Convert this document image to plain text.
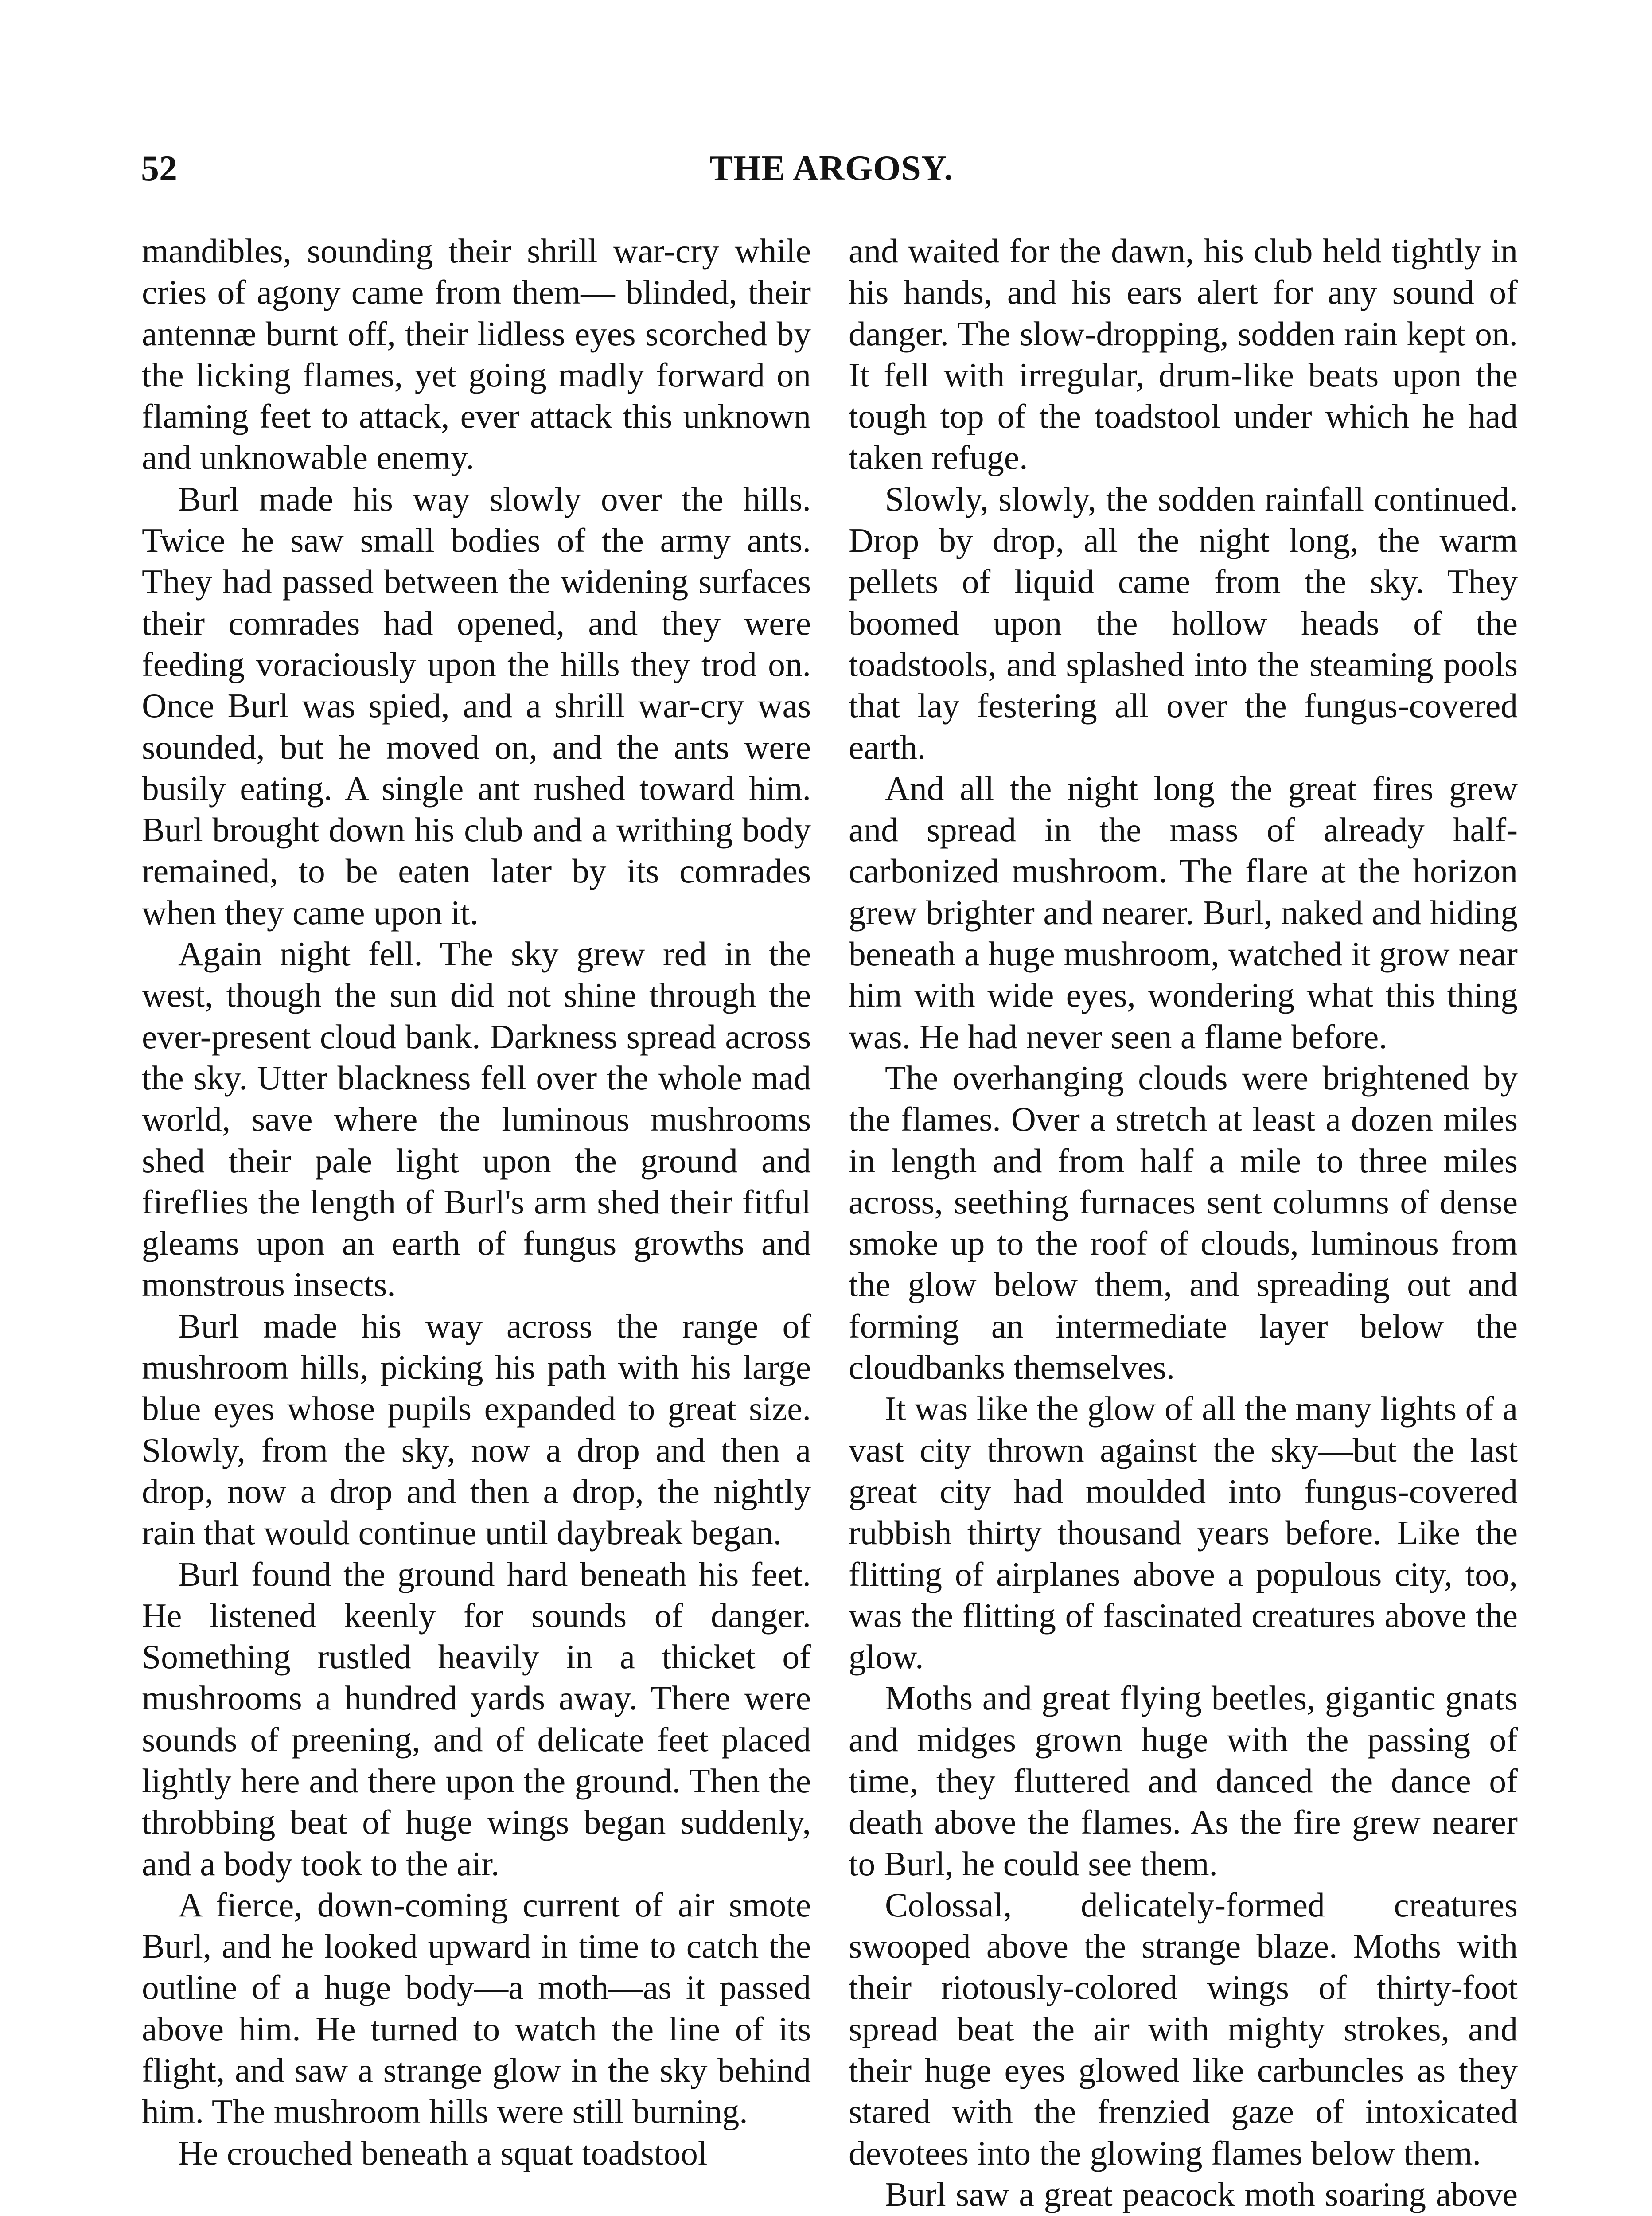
52	THE ARGOSY.

mandibles, sounding their shrill war-cry while cries of agony came from them— blinded, their antennæ burnt off, their lidless eyes scorched by the licking flames, yet going madly forward on flaming feet to attack, ever attack this unknown and unknowable enemy.

Burl made his way slowly over the hills. Twice he saw small bodies of the army ants. They had passed between the widening surfaces their comrades had opened, and they were feeding voraciously upon the hills they trod on. Once Burl was spied, and a shrill war-cry was sounded, but he moved on, and the ants were busily eating. A single ant rushed toward him. Burl brought down his club and a writhing body remained, to be eaten later by its comrades when they came upon it.

Again night fell. The sky grew red in the west, though the sun did not shine through the ever-present cloud bank. Darkness spread across the sky. Utter blackness fell over the whole mad world, save where the luminous mushrooms shed their pale light upon the ground and fireflies the length of Burl's arm shed their fitful gleams upon an earth of fungus growths and monstrous insects.

Burl made his way across the range of mushroom hills, picking his path with his large blue eyes whose pupils expanded to great size. Slowly, from the sky, now a drop and then a drop, now a drop and then a drop, the nightly rain that would continue until daybreak began.

Burl found the ground hard beneath his feet. He listened keenly for sounds of danger. Something rustled heavily in a thicket of mushrooms a hundred yards away. There were sounds of preening, and of delicate feet placed lightly here and there upon the ground. Then the throbbing beat of huge wings began suddenly, and a body took to the air.

A fierce, down-coming current of air smote Burl, and he looked upward in time to catch the outline of a huge body—a moth—as it passed above him. He turned to watch the line of its flight, and saw a strange glow in the sky behind him. The mushroom hills were still burning.

He crouched beneath a squat toadstool

and waited for the dawn, his club held tightly in his hands, and his ears alert for any sound of danger. The slow-dropping, sodden rain kept on. It fell with irregular, drum-like beats upon the tough top of the toadstool under which he had taken refuge.

Slowly, slowly, the sodden rainfall continued. Drop by drop, all the night long, the warm pellets of liquid came from the sky. They boomed upon the hollow heads of the toadstools, and splashed into the steaming pools that lay festering all over the fungus-covered earth.

And all the night long the great fires grew and spread in the mass of already half-carbonized mushroom. The flare at the horizon grew brighter and nearer. Burl, naked and hiding beneath a huge mushroom, watched it grow near him with wide eyes, wondering what this thing was. He had never seen a flame before.

The overhanging clouds were brightened by the flames. Over a stretch at least a dozen miles in length and from half a mile to three miles across, seething furnaces sent columns of dense smoke up to the roof of clouds, luminous from the glow below them, and spreading out and forming an intermediate layer below the cloudbanks themselves.

It was like the glow of all the many lights of a vast city thrown against the sky—but the last great city had moulded into fungus-covered rubbish thirty thousand years before. Like the flitting of airplanes above a populous city, too, was the flitting of fascinated creatures above the glow.

Moths and great flying beetles, gigantic gnats and midges grown huge with the passing of time, they fluttered and danced the dance of death above the flames. As the fire grew nearer to Burl, he could see them.

Colossal, delicately-formed creatures swooped above the strange blaze. Moths with their riotously-colored wings of thirty-foot spread beat the air with mighty strokes, and their huge eyes glowed like carbuncles as they stared with the frenzied gaze of intoxicated devotees into the glowing flames below them.

Burl saw a great peacock moth soaring above
